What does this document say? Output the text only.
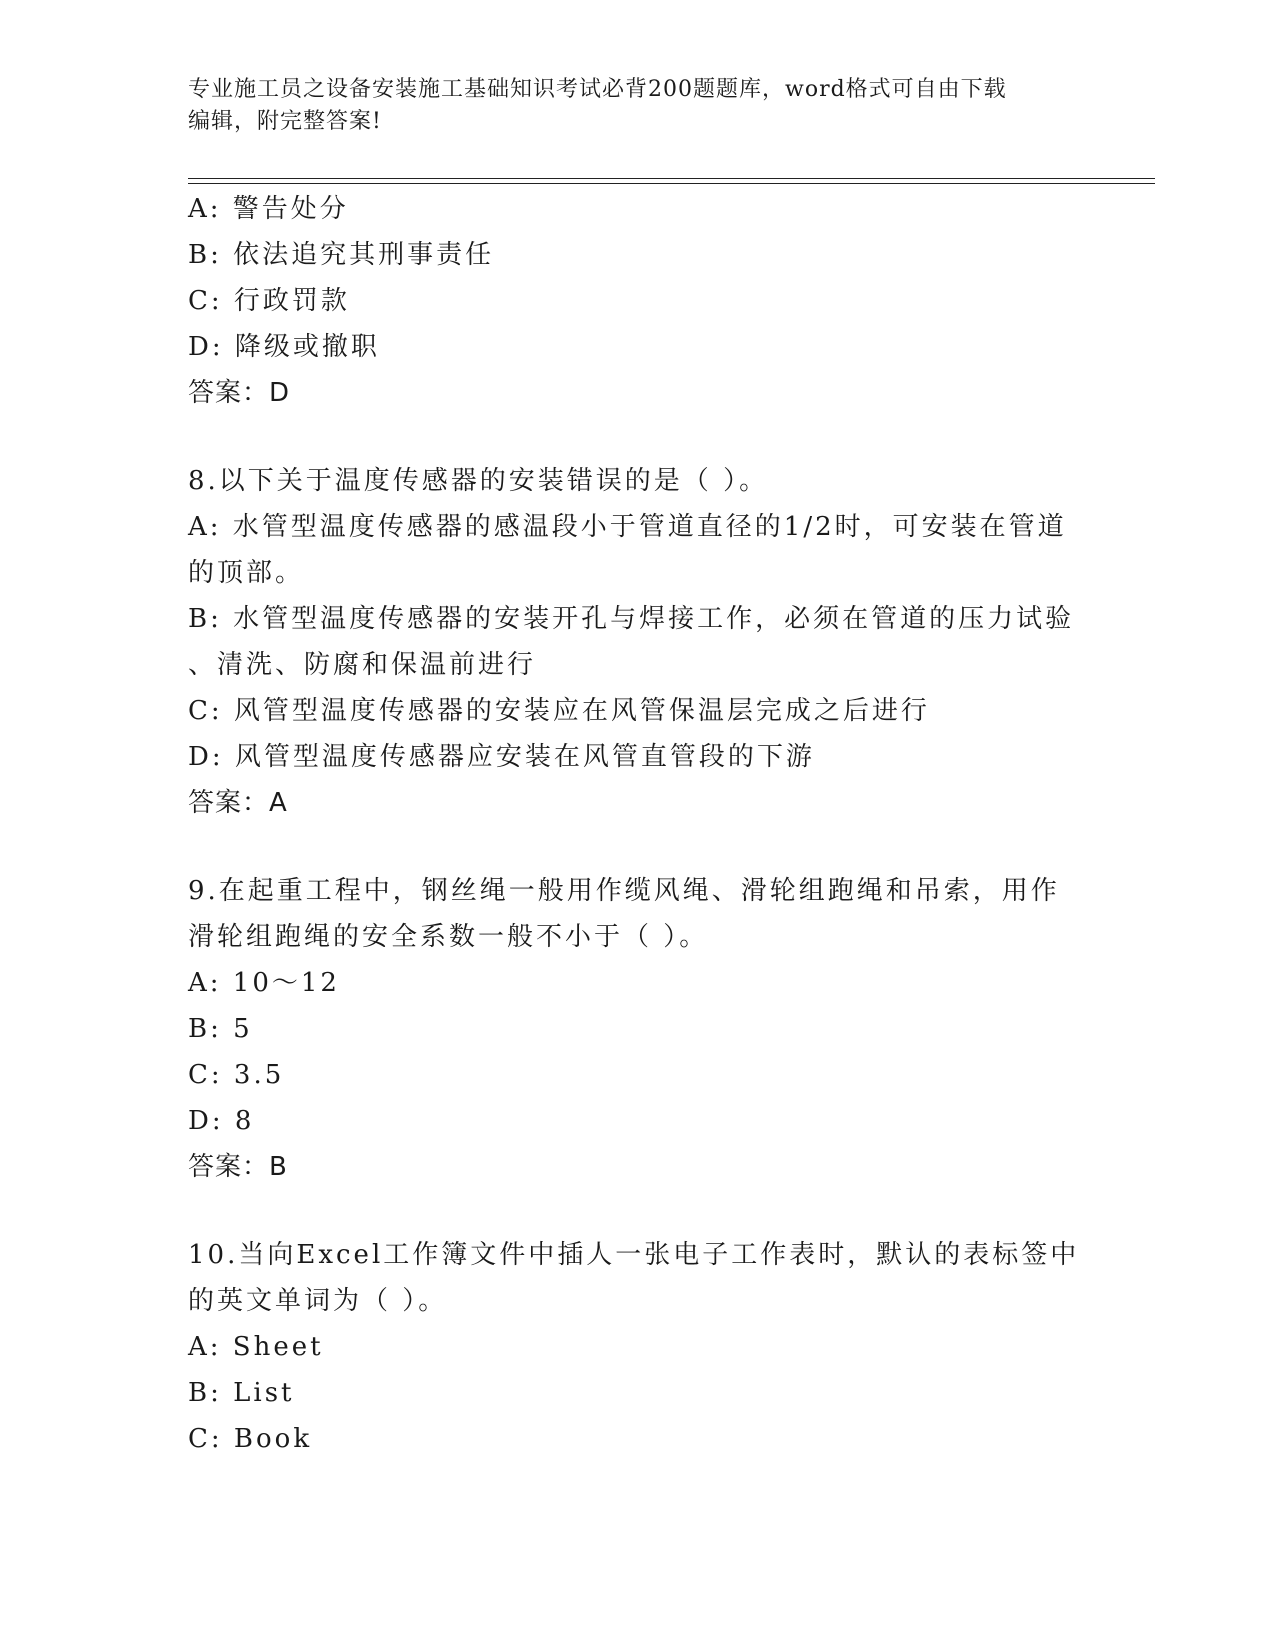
专业施工员之设备安装施工基础知识考试必背200题题库，word格式可自由下载
编辑，附完整答案!
A: 警告处分
B: 依法追究其刑事责任
C: 行政罚款
D: 降级或撤职
答案：D
8.以下关于温度传感器的安装错误的是（ ）。
A: 水管型温度传感器的感温段小于管道直径的1/2时，可安装在管道
的顶部。
B: 水管型温度传感器的安装开孔与焊接工作，必须在管道的压力试验
、清洗、防腐和保温前进行
C: 风管型温度传感器的安装应在风管保温层完成之后进行
D: 风管型温度传感器应安装在风管直管段的下游
答案：A
9.在起重工程中，钢丝绳一般用作缆风绳、滑轮组跑绳和吊索，用作
滑轮组跑绳的安全系数一般不小于（ ）。
A: 10～12
B: 5
C: 3.5
D: 8
答案：B
10.当向Excel工作簿文件中插人一张电子工作表时，默认的表标签中
的英文单词为（ ）。
A: Sheet
B: List
C: Book
